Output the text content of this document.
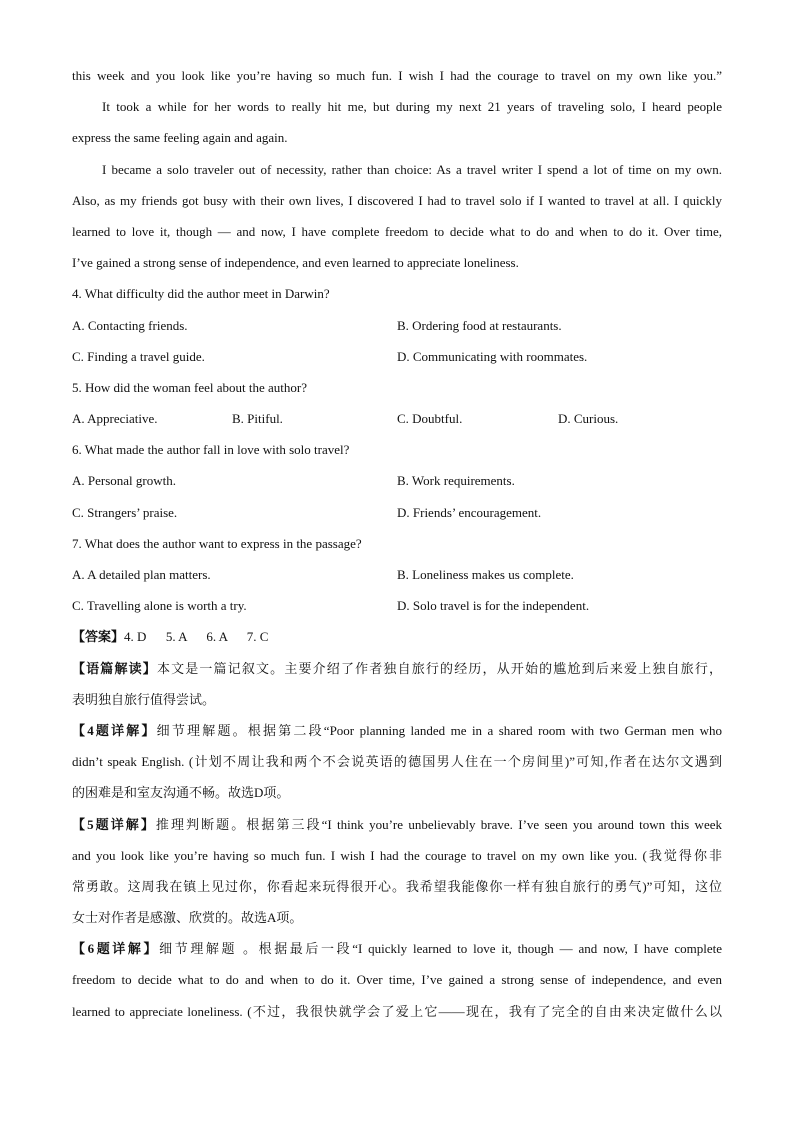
this week and you look like you’re having so much fun. I wish I had the courage to travel on my own like you.”
It took a while for her words to really hit me, but during my next 21 years of traveling solo, I heard people
express the same feeling again and again.
I became a solo traveler out of necessity, rather than choice: As a travel writer I spend a lot of time on my own.
Also, as my friends got busy with their own lives, I discovered I had to travel solo if I wanted to travel at all. I quickly
learned to love it, though — and now, I have complete freedom to decide what to do and when to do it. Over time,
I’ve gained a strong sense of independence, and even learned to appreciate loneliness.
4. What difficulty did the author meet in Darwin?
A. Contacting friends.	B. Ordering food at restaurants.
C. Finding a travel guide.	D. Communicating with roommates.
5. How did the woman feel about the author?
A. Appreciative.	B. Pitiful.	C. Doubtful.	D. Curious.
6. What made the author fall in love with solo travel?
A. Personal growth.	B. Work requirements.
C. Strangers’ praise.	D. Friends’ encouragement.
7. What does the author want to express in the passage?
A. A detailed plan matters.	B. Loneliness makes us complete.
C. Travelling alone is worth a try.	D. Solo travel is for the independent.
【答案】4. D      5. A      6. A      7. C
【语篇解读】本文是一篇记叙文。主要介绍了作者独自旅行的经历，从开始的尴尬到后来爱上独自旅行，
表明独自旅行值得尝试。
【4题详解】细节理解题。根据第二段“Poor planning landed me in a shared room with two German men who
didn’t speak English. (计划不周让我和两个不会说英语的德国男人住在一个房间里)”可知,作者在达尔文遇到
的困难是和室友沟通不畅。故选D项。
【5题详解】推理判断题。根据第三段“I think you’re unbelievably brave. I’ve seen you around town this week
and you look like you’re having so much fun. I wish I had the courage to travel on my own like you. (我觉得你非
常勇敢。这周我在镇上见过你，你看起来玩得很开心。我希望我能像你一样有独自旅行的勇气)”可知，这位
女士对作者是感激、欣赏的。故选A项。
【6题详解】细节理解题 。根据最后一段“I quickly learned to love it, though — and now, I have complete
freedom to decide what to do and when to do it. Over time, I’ve gained a strong sense of independence, and even
learned to appreciate loneliness. (不过，我很快就学会了爱上它——现在，我有了完全的自由来决定做什么以
